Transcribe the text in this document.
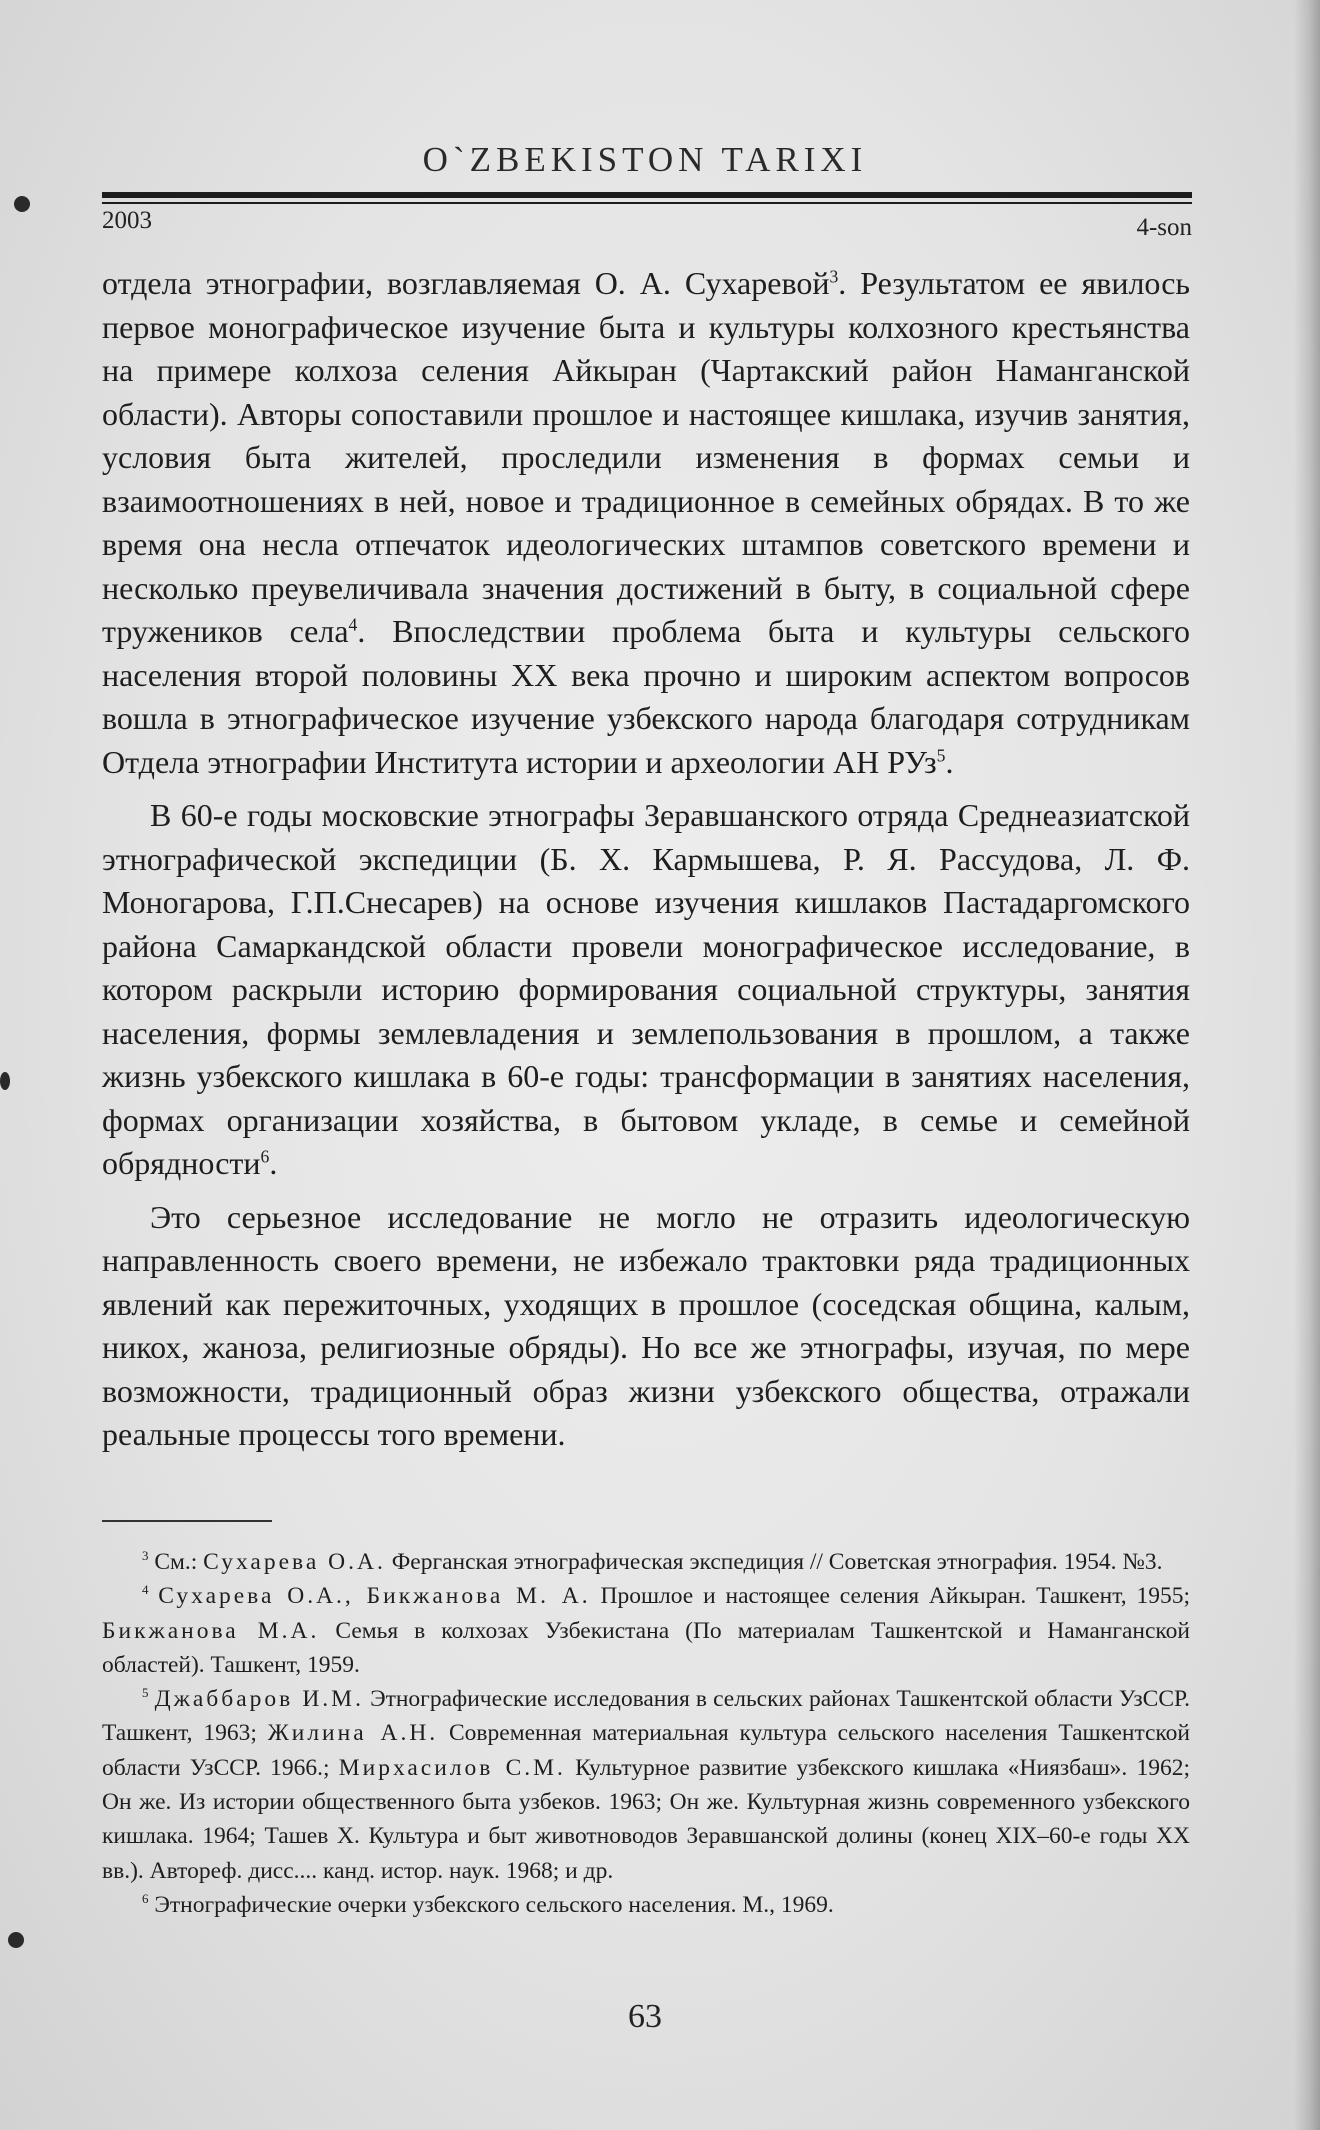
O`ZBEKISTON TARIXI
2003	4-son

отдела этнографии, возглавляемая О. А. Сухаревой$^3$. Результатом ее явилось первое монографическое изучение быта и культуры колхозного крестьянства на примере колхоза селения Айкыран (Чартакский район Наманганской области). Авторы сопоставили прошлое и настоящее кишлака, изучив занятия, условия быта жителей, проследили изменения в формах семьи и взаимоотношениях в ней, новое и традиционное в семейных обрядах. В то же время она несла отпечаток идеологических штампов советского времени и несколько преувеличивала значения достижений в быту, в социальной сфере тружеников села$^4$. Впоследствии проблема быта и культуры сельского населения второй половины XX века прочно и широким аспектом вопросов вошла в этнографическое изучение узбекского народа благодаря сотрудникам Отдела этнографии Института истории и археологии АН РУз$^5$.

В 60-е годы московские этнографы Зеравшанского отряда Среднеазиатской этнографической экспедиции (Б. Х. Кармышева, Р. Я. Рассудова, Л. Ф. Моногарова, Г.П.Снесарев) на основе изучения кишлаков Пастадаргомского района Самаркандской области провели монографическое исследование, в котором раскрыли историю формирования социальной структуры, занятия населения, формы землевладения и землепользования в прошлом, а также жизнь узбекского кишлака в 60-е годы: трансформации в занятиях населения, формах организации хозяйства, в бытовом укладе, в семье и семейной обрядности$^6$.

Это серьезное исследование не могло не отразить идеологическую направленность своего времени, не избежало трактовки ряда традиционных явлений как пережиточных, уходящих в прошлое (соседская община, калым, никох, жаноза, религиозные обряды). Но все же этнографы, изучая, по мере возможности, традиционный образ жизни узбекского общества, отражали реальные процессы того времени.

$^3$ См.: Сухарева О.А. Ферганская этнографическая экспедиция // Советская этнография. 1954. №3.

$^4$ Сухарева О.А., Бикжанова М. А. Прошлое и настоящее селения Айкыран. Ташкент, 1955; Бикжанова М.А. Семья в колхозах Узбекистана (По материалам Ташкентской и Наманганской областей). Ташкент, 1959.

$^5$ Джаббаров И.М. Этнографические исследования в сельских районах Ташкентской области УзССР. Ташкент, 1963; Жилина А.Н. Современная материальная культура сельского населения Ташкентской области УзССР. 1966.; Мирхасилов С.М. Культурное развитие узбекского кишлака «Ниязбаш». 1962; Он же. Из истории общественного быта узбеков. 1963; Он же. Культурная жизнь современного узбекского кишлака. 1964; Ташев Х. Культура и быт животноводов Зеравшанской долины (конец XIX–60-е годы XX вв.). Автореф. дисс.... канд. истор. наук. 1968; и др.

$^6$ Этнографические очерки узбекского сельского населения. М., 1969.

63
